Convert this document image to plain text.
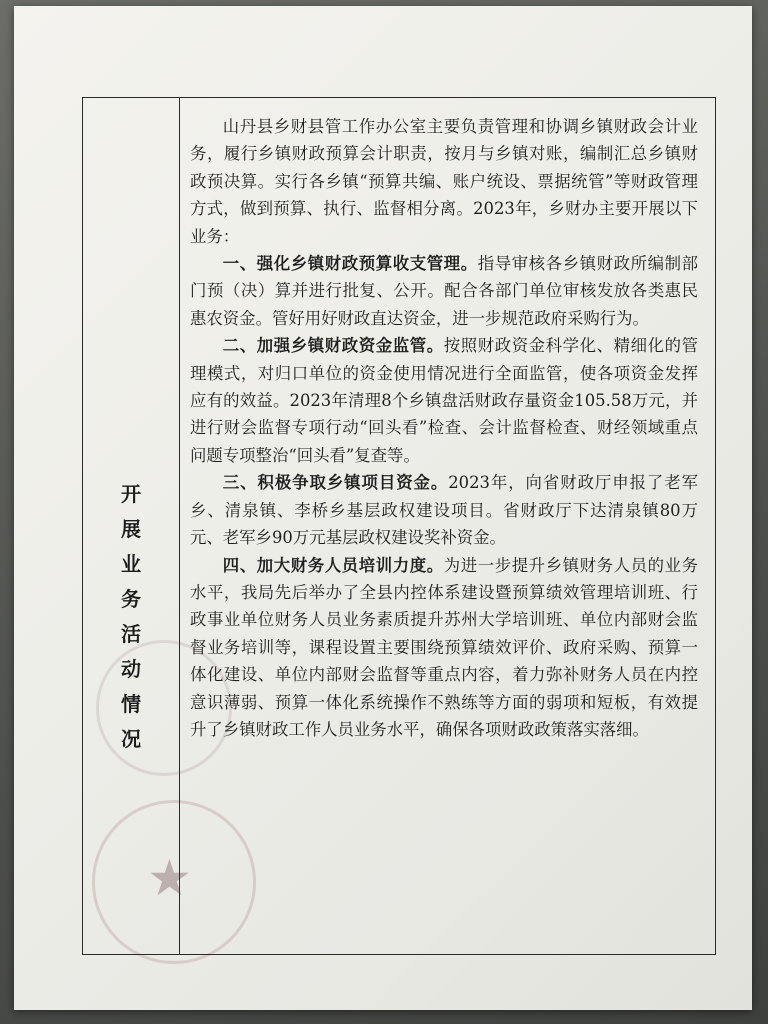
★
开
展
业
务
活
动
情
况

山丹县乡财县管工作办公室主要负责管理和协调乡镇财政会计业务，履行乡镇财政预算会计职责，按月与乡镇对账，编制汇总乡镇财政预决算。实行各乡镇“预算共编、账户统设、票据统管”等财政管理方式，做到预算、执行、监督相分离。2023年，乡财办主要开展以下业务：

一、强化乡镇财政预算收支管理。指导审核各乡镇财政所编制部门预（决）算并进行批复、公开。配合各部门单位审核发放各类惠民惠农资金。管好用好财政直达资金，进一步规范政府采购行为。

二、加强乡镇财政资金监管。按照财政资金科学化、精细化的管理模式，对归口单位的资金使用情况进行全面监管，使各项资金发挥应有的效益。2023年清理8个乡镇盘活财政存量资金105.58万元，并进行财会监督专项行动“回头看”检查、会计监督检查、财经领域重点问题专项整治“回头看”复查等。

三、积极争取乡镇项目资金。2023年，向省财政厅申报了老军乡、清泉镇、李桥乡基层政权建设项目。省财政厅下达清泉镇80万元、老军乡90万元基层政权建设奖补资金。

四、加大财务人员培训力度。为进一步提升乡镇财务人员的业务水平，我局先后举办了全县内控体系建设暨预算绩效管理培训班、行政事业单位财务人员业务素质提升苏州大学培训班、单位内部财会监督业务培训等，课程设置主要围绕预算绩效评价、政府采购、预算一体化建设、单位内部财会监督等重点内容，着力弥补财务人员在内控意识薄弱、预算一体化系统操作不熟练等方面的弱项和短板，有效提升了乡镇财政工作人员业务水平，确保各项财政政策落实落细。
